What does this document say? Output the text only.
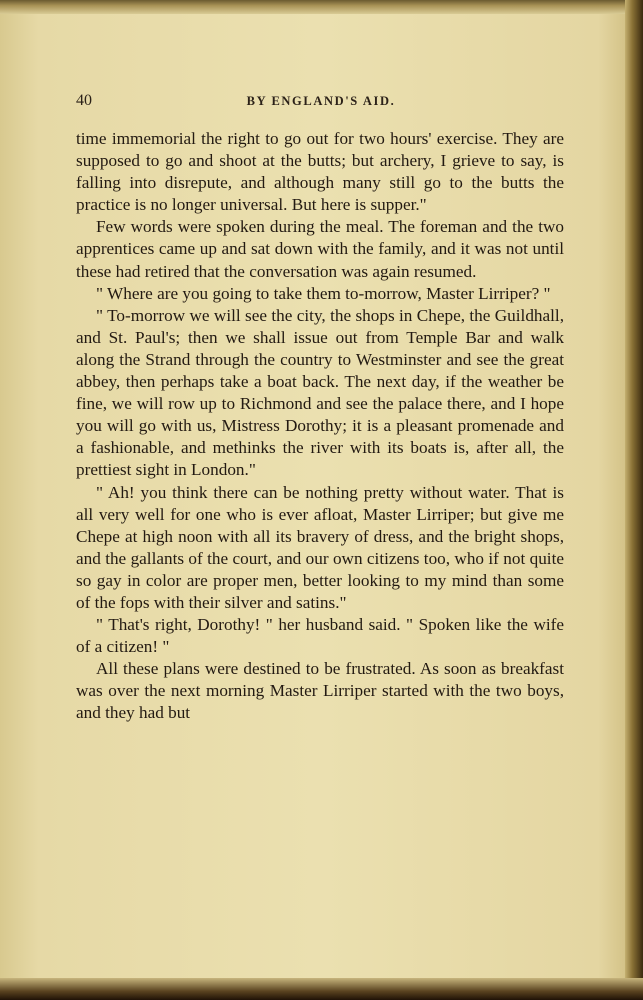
40	BY ENGLAND'S AID.

time immemorial the right to go out for two hours' exercise. They are supposed to go and shoot at the butts; but archery, I grieve to say, is falling into disrepute, and although many still go to the butts the practice is no longer universal. But here is supper."

Few words were spoken during the meal. The foreman and the two apprentices came up and sat down with the family, and it was not until these had retired that the conversation was again resumed.

" Where are you going to take them to-morrow, Master Lirriper? "

" To-morrow we will see the city, the shops in Chepe, the Guildhall, and St. Paul's; then we shall issue out from Temple Bar and walk along the Strand through the country to Westminster and see the great abbey, then perhaps take a boat back. The next day, if the weather be fine, we will row up to Richmond and see the palace there, and I hope you will go with us, Mistress Dorothy; it is a pleasant promenade and a fashionable, and methinks the river with its boats is, after all, the prettiest sight in London."

" Ah! you think there can be nothing pretty without water. That is all very well for one who is ever afloat, Master Lirriper; but give me Chepe at high noon with all its bravery of dress, and the bright shops, and the gallants of the court, and our own citizens too, who if not quite so gay in color are proper men, better looking to my mind than some of the fops with their silver and satins."

" That's right, Dorothy! " her husband said. " Spoken like the wife of a citizen! "

All these plans were destined to be frustrated. As soon as breakfast was over the next morning Master Lirriper started with the two boys, and they had but
